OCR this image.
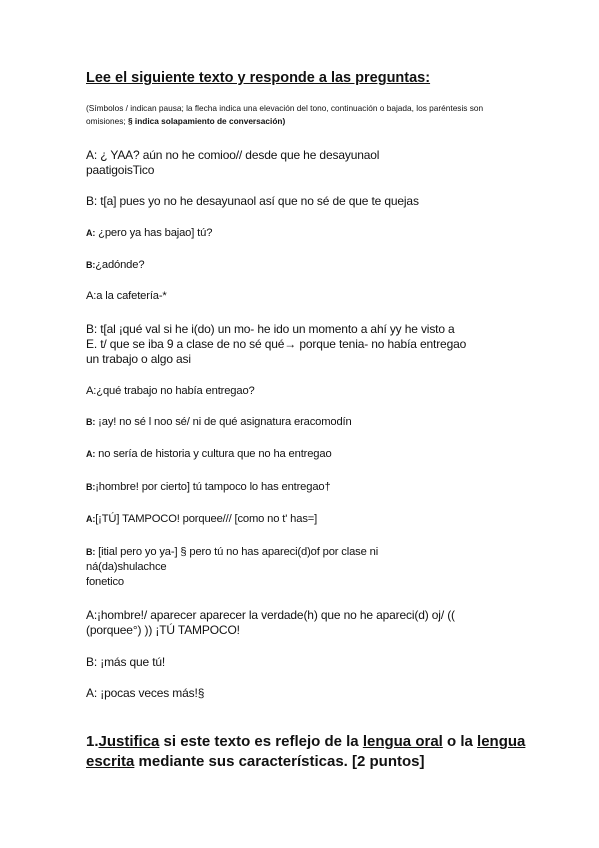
Lee el siguiente texto y responde a las preguntas:
(Símbolos / indican pausa; la flecha indica una elevación del tono, continuación o bajada, los paréntesis son omisiones; § indica solapamiento de conversación)
A: ¿ YAA? aún no he comioo// desde que he desayunaol
paatigoisTico
B: t[a] pues yo no he desayunaol así que no sé de que te quejas
A: ¿pero ya has bajao] tú?
B:¿adónde?
A:a la cafetería-*
B: t[al ¡qué val si he i(do) un mo- he ido un momento a ahí yy he visto a
E. t/ que se iba 9 a clase de no sé qué→ porque tenia- no había entregao
un trabajo o algo asi
A:¿qué trabajo no había entregao?
B: ¡ay! no sé l noo sé/ ni de qué asignatura eracomodín
A: no sería de historia y cultura que no ha entregao
B:¡hombre! por cierto] tú tampoco lo has entregao†
A:[¡TÚ] TAMPOCO! porquee/// [como no t' has=]
B: [itial pero yo ya-] § pero tú no has apareci(d)of por clase ni
ná(da)shulachce
fonetico
A:¡hombre!/ aparecer aparecer la verdade(h) que no he apareci(d) oj/ ((
(porquee°) )) ¡TÚ TAMPOCO!
B: ¡más que tú!
A: ¡pocas veces más!§
1.Justifica si este texto es reflejo de la lengua oral o la lengua escrita mediante sus características. [2 puntos]
